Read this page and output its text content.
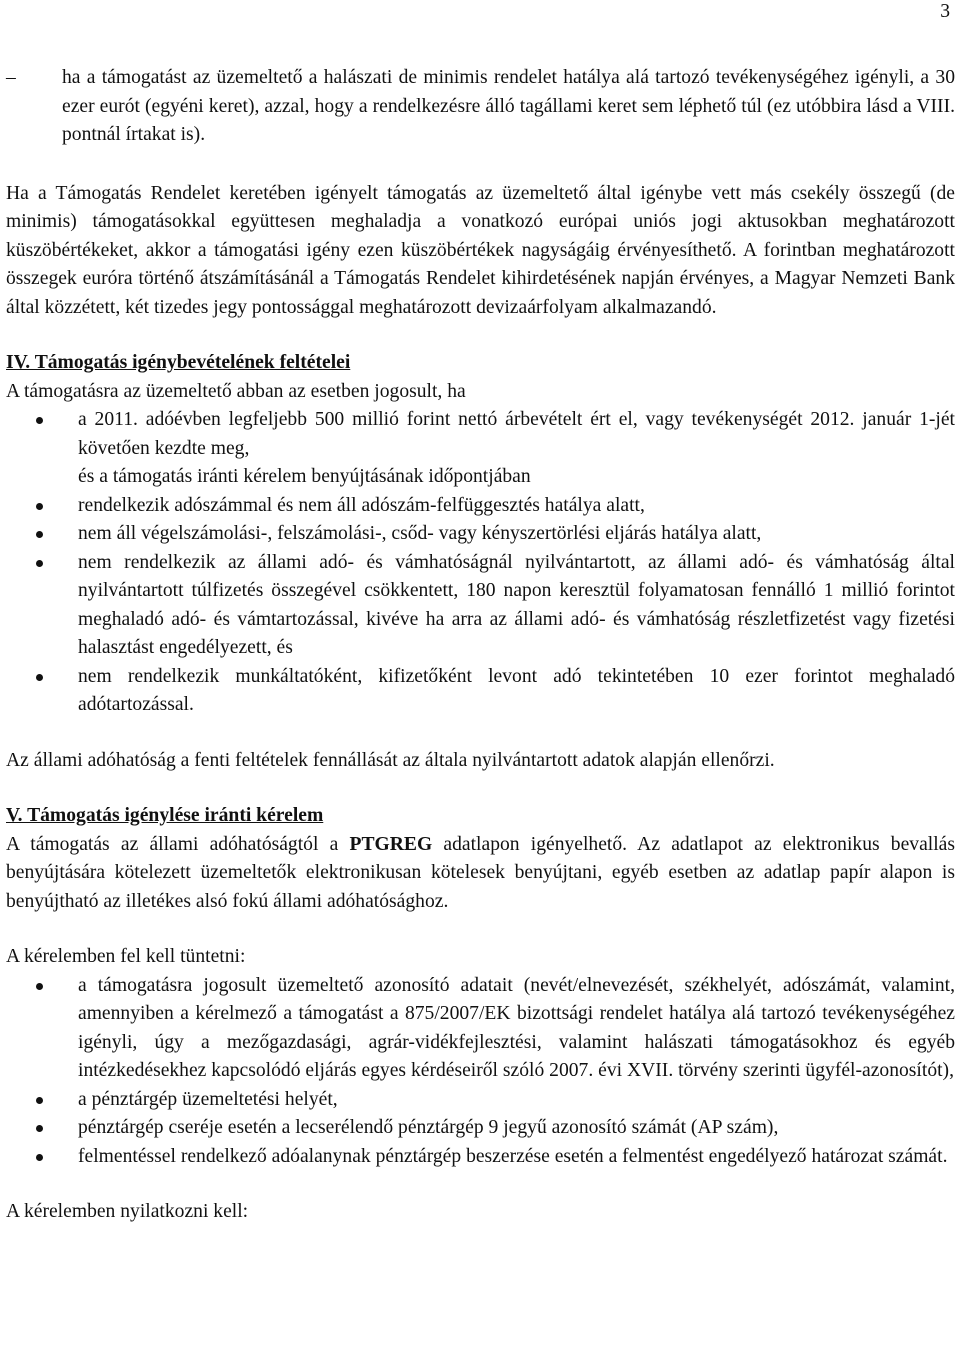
3

–	ha a támogatást az üzemeltető a halászati de minimis rendelet hatálya alá tartozó tevékenységéhez igényli, a 30 ezer eurót (egyéni keret), azzal, hogy a rendelkezésre álló tagállami keret sem léphető túl (ez utóbbira lásd a VIII. pontnál írtakat is).

Ha a Támogatás Rendelet keretében igényelt támogatás az üzemeltető által igénybe vett más csekély összegű (de minimis) támogatásokkal együttesen meghaladja a vonatkozó európai uniós jogi aktusokban meghatározott küszöbértékeket, akkor a támogatási igény ezen küszöbértékek nagyságáig érvényesíthető. A forintban meghatározott összegek euróra történő átszámításánál a Támogatás Rendelet kihirdetésének napján érvényes, a Magyar Nemzeti Bank által közzétett, két tizedes jegy pontossággal meghatározott devizaárfolyam alkalmazandó.

IV. Támogatás igénybevételének feltételei

A támogatásra az üzemeltető abban az esetben jogosult, ha

a 2011. adóévben legfeljebb 500 millió forint nettó árbevételt ért el, vagy tevékenységét 2012. január 1-jét követően kezdte meg,

és a támogatás iránti kérelem benyújtásának időpontjában

rendelkezik adószámmal és nem áll adószám-felfüggesztés hatálya alatt,
nem áll végelszámolási-, felszámolási-, csőd- vagy kényszertörlési eljárás hatálya alatt,
nem rendelkezik az állami adó- és vámhatóságnál nyilvántartott, az állami adó- és vámhatóság által nyilvántartott túlfizetés összegével csökkentett, 180 napon keresztül folyamatosan fennálló 1 millió forintot meghaladó adó- és vámtartozással, kivéve ha arra az állami adó- és vámhatóság részletfizetést vagy fizetési halasztást engedélyezett, és
nem rendelkezik munkáltatóként, kifizetőként levont adó tekintetében 10 ezer forintot meghaladó adótartozással.

Az állami adóhatóság a fenti feltételek fennállását az általa nyilvántartott adatok alapján ellenőrzi.

V. Támogatás igénylése iránti kérelem

A támogatás az állami adóhatóságtól a PTGREG adatlapon igényelhető. Az adatlapot az elektronikus bevallás benyújtására kötelezett üzemeltetők elektronikusan kötelesek benyújtani, egyéb esetben az adatlap papír alapon is benyújtható az illetékes alsó fokú állami adóhatósághoz.

A kérelemben fel kell tüntetni:

a támogatásra jogosult üzemeltető azonosító adatait (nevét/elnevezését, székhelyét, adószámát, valamint, amennyiben a kérelmező a támogatást a 875/2007/EK bizottsági rendelet hatálya alá tartozó tevékenységéhez igényli, úgy a mezőgazdasági, agrár-vidékfejlesztési, valamint halászati támogatásokhoz és egyéb intézkedésekhez kapcsolódó eljárás egyes kérdéseiről szóló 2007. évi XVII. törvény szerinti ügyfél-azonosítót),
a pénztárgép üzemeltetési helyét,
pénztárgép cseréje esetén a lecserélendő pénztárgép 9 jegyű azonosító számát (AP szám),
felmentéssel rendelkező adóalanynak pénztárgép beszerzése esetén a felmentést engedélyező határozat számát.

A kérelemben nyilatkozni kell:
